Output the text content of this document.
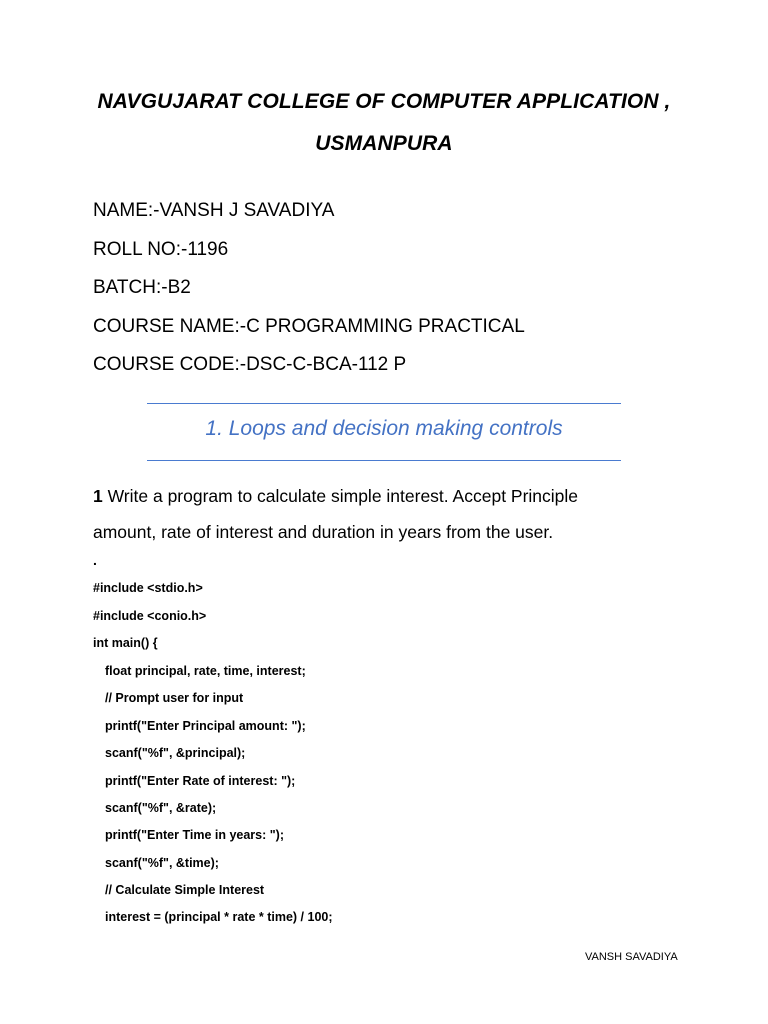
NAVGUJARAT COLLEGE OF COMPUTER APPLICATION ,
USMANPURA
NAME:-VANSH J SAVADIYA
ROLL NO:-1196
BATCH:-B2
COURSE NAME:-C PROGRAMMING PRACTICAL
COURSE CODE:-DSC-C-BCA-112 P
1. Loops and decision making controls
1 Write a program to calculate simple interest. Accept Principle
amount, rate of interest and duration in years from the user.
.
#include <stdio.h>
#include <conio.h>
int main() {
float principal, rate, time, interest;
// Prompt user for input
printf("Enter Principal amount: ");
scanf("%f", &principal);
printf("Enter Rate of interest: ");
scanf("%f", &rate);
printf("Enter Time in years: ");
scanf("%f", &time);
// Calculate Simple Interest
interest = (principal * rate * time) / 100;
VANSH SAVADIYA
